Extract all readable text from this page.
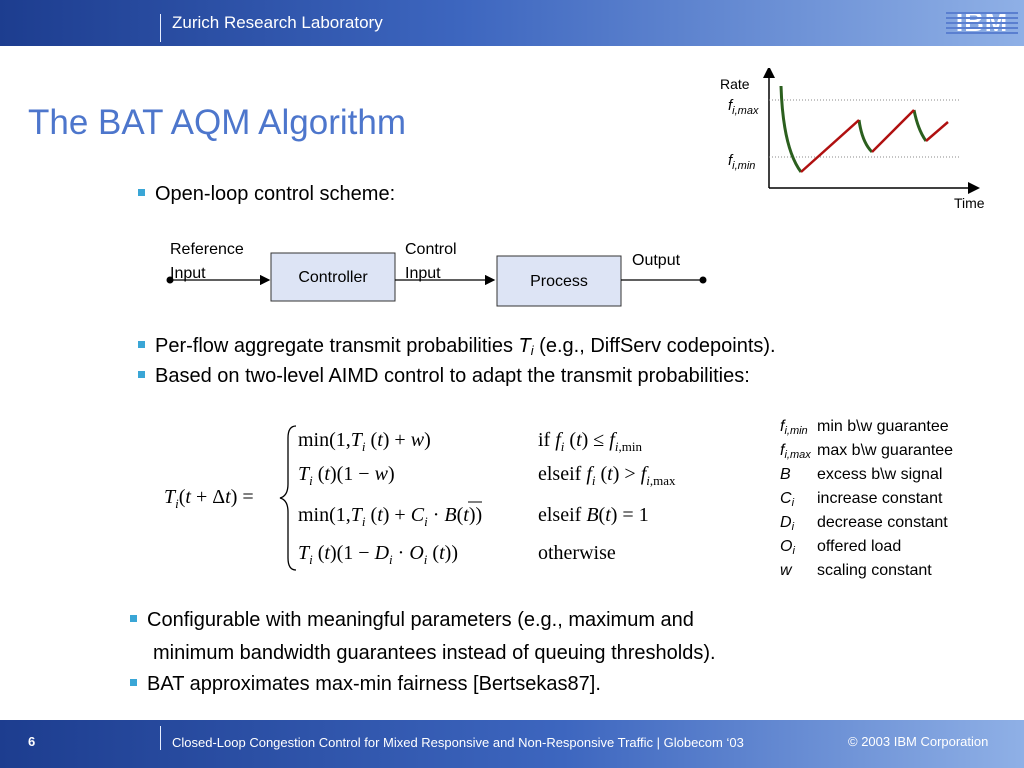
Zurich Research Laboratory
The BAT AQM Algorithm
Rate
Time
$f_{i,max}$
$f_{i,min}$
Open-loop control scheme:
Controller	Process
Reference
Input
Control
Input
Output
Per-flow aggregate transmit probabilities $T_i$ (e.g., DiffServ codepoints).
Based on two-level AIMD control to adapt the transmit probabilities:
$T_i(t + \Delta t)$ =
$\min(1,T_i$ (t) + w)	if $f_i$ $(t) \le f_{i,min}$
$T_i$ (t)(1 − w)	elseif $f_i$ $(t) > f_{i,max}$
$\min(1,T_i$ $(t) + C_i \cdot B(t)$)	elseif B(t) = 1
$T_i$ $(t)(1 - D_i \cdot O_i$ (t))	otherwise
fi,min min b\w guarantee
fi,max max b\w guarantee
B excess b\w signal
Ci increase constant
Di decrease constant
Oi offered load
w scaling constant
Configurable with meaningful parameters (e.g., maximum and
minimum bandwidth guarantees instead of queuing thresholds).
BAT approximates max-min fairness [Bertsekas87].
6	Closed-Loop Congestion Control for Mixed Responsive and Non-Responsive Traffic | Globecom ‘03	© 2003 IBM Corporation
